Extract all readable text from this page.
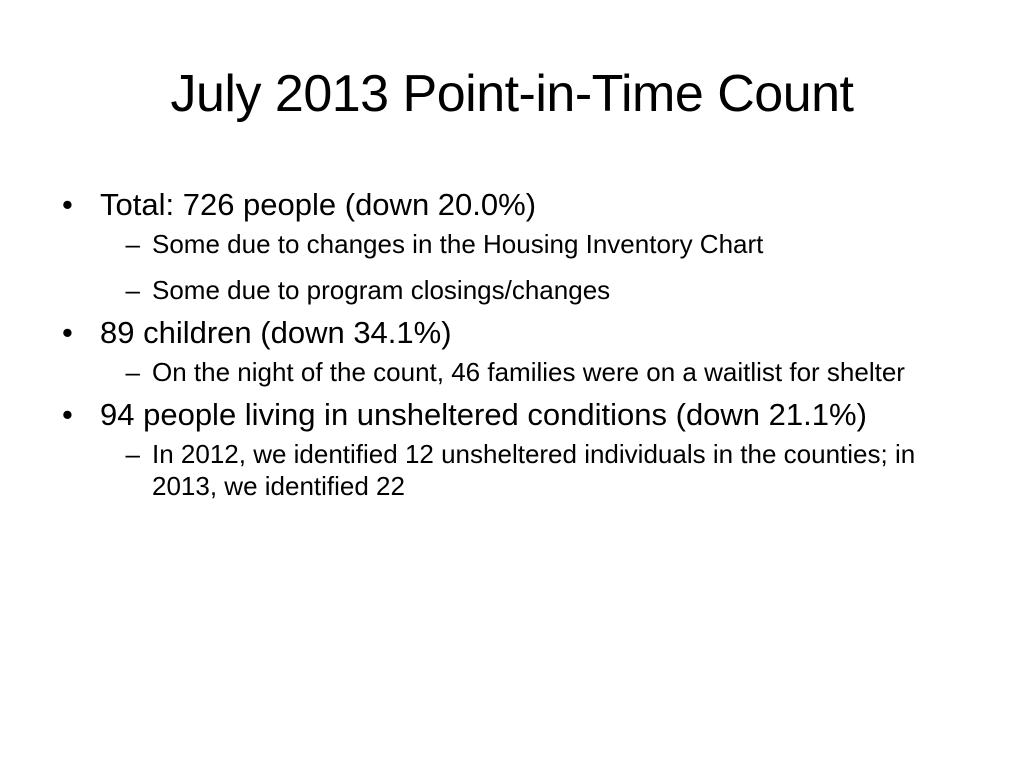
July 2013 Point-in-Time Count
• Total: 726 people (down 20.0%)
– Some due to changes in the Housing Inventory Chart
– Some due to program closings/changes
• 89 children (down 34.1%)
– On the night of the count, 46 families were on a waitlist for shelter
• 94 people living in unsheltered conditions (down 21.1%)
– In 2012, we identified 12 unsheltered individuals in the counties; in 2013, we identified 22
